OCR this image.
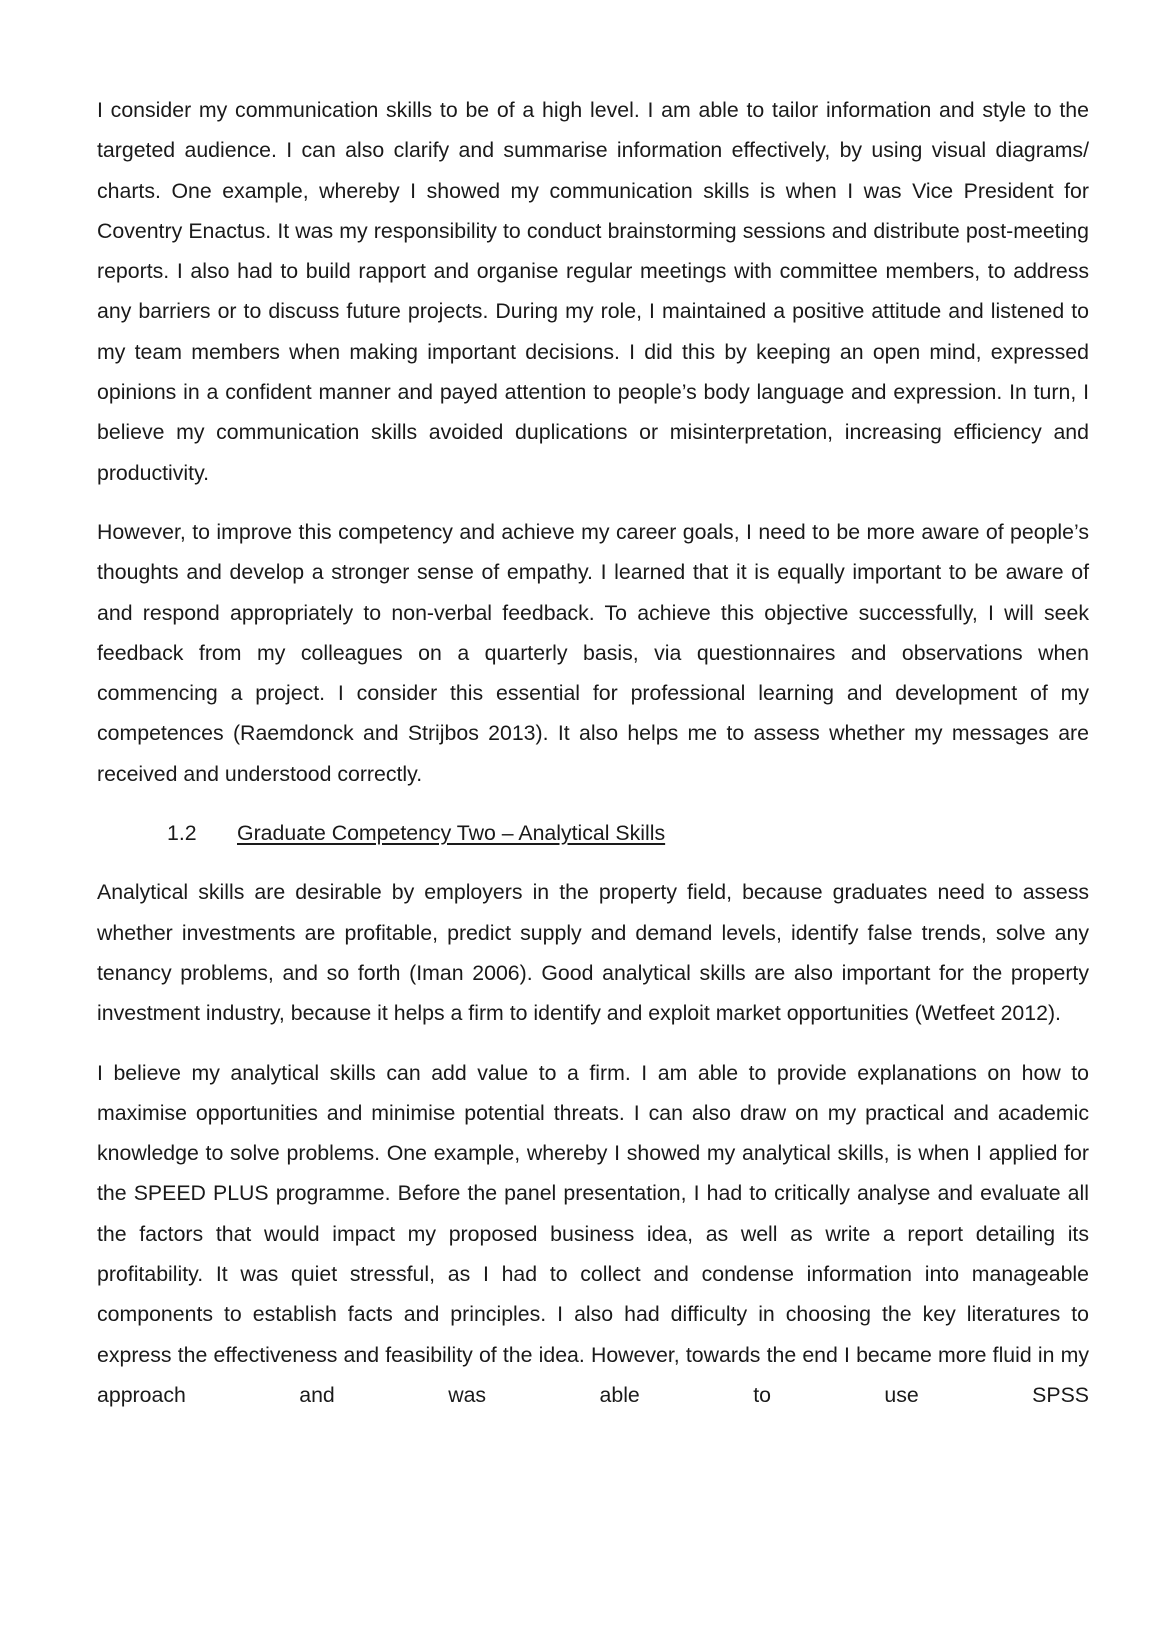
I consider my communication skills to be of a high level. I am able to tailor information and style to the targeted audience. I can also clarify and summarise information effectively, by using visual diagrams/ charts. One example, whereby I showed my communication skills is when I was Vice President for Coventry Enactus. It was my responsibility to conduct brainstorming sessions and distribute post-meeting reports. I also had to build rapport and organise regular meetings with committee members, to address any barriers or to discuss future projects. During my role, I maintained a positive attitude and listened to my team members when making important decisions. I did this by keeping an open mind, expressed opinions in a confident manner and payed attention to people’s body language and expression. In turn, I believe my communication skills avoided duplications or misinterpretation, increasing efficiency and productivity.

However, to improve this competency and achieve my career goals, I need to be more aware of people’s thoughts and develop a stronger sense of empathy. I learned that it is equally important to be aware of and respond appropriately to non-verbal feedback. To achieve this objective successfully, I will seek feedback from my colleagues on a quarterly basis, via questionnaires and observations when commencing a project. I consider this essential for professional learning and development of my competences (Raemdonck and Strijbos 2013). It also helps me to assess whether my messages are received and understood correctly.

1.2	Graduate Competency Two – Analytical Skills

Analytical skills are desirable by employers in the property field, because graduates need to assess whether investments are profitable, predict supply and demand levels, identify false trends, solve any tenancy problems, and so forth (Iman 2006). Good analytical skills are also important for the property investment industry, because it helps a firm to identify and exploit market opportunities (Wetfeet 2012).

I believe my analytical skills can add value to a firm. I am able to provide explanations on how to maximise opportunities and minimise potential threats. I can also draw on my practical and academic knowledge to solve problems. One example, whereby I showed my analytical skills, is when I applied for the SPEED PLUS programme. Before the panel presentation, I had to critically analyse and evaluate all the factors that would impact my proposed business idea, as well as write a report detailing its profitability. It was quiet stressful, as I had to collect and condense information into manageable components to establish facts and principles. I also had difficulty in choosing the key literatures to express the effectiveness and feasibility of the idea. However, towards the end I became more fluid in my approach and was able to use SPSS
